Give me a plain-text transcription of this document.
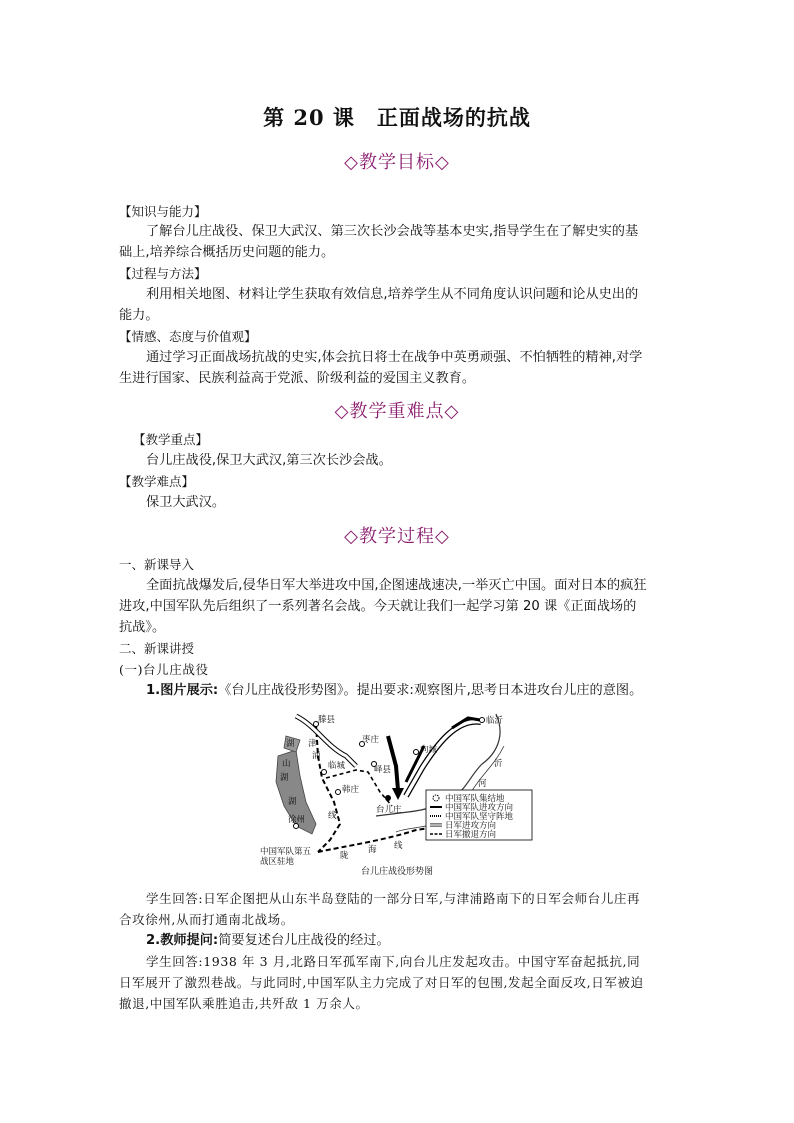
第 20 课　正面战场的抗战
◇教学目标◇
【知识与能力】
了解台儿庄战役、保卫大武汉、第三次长沙会战等基本史实,指导学生在了解史实的基
础上,培养综合概括历史问题的能力。
【过程与方法】
利用相关地图、材料让学生获取有效信息,培养学生从不同角度认识问题和论从史出的
能力。
【情感、态度与价值观】
通过学习正面战场抗战的史实,体会抗日将士在战争中英勇顽强、不怕牺牲的精神,对学
生进行国家、民族利益高于党派、阶级利益的爱国主义教育。
◇教学重难点◇
【教学重点】
台儿庄战役,保卫大武汉,第三次长沙会战。
【教学难点】
保卫大武汉。
◇教学过程◇
一、新课导入
全面抗战爆发后,侵华日军大举进攻中国,企图速战速决,一举灭亡中国。面对日本的疯狂
进攻,中国军队先后组织了一系列著名会战。今天就让我们一起学习第 20 课《正面战场的
抗战》。
二、新课讲授
(一)台儿庄战役
1.图片展示:《台儿庄战役形势图》。提出要求:观察图片,思考日本进攻台儿庄的意图。
滕县
枣庄
临沂
临城	峄县
向城
韩庄
台儿庄
徐州
湖
湖
湖
山	沂
河
津
浦
线
陇
海 线
中国军队第五
战区驻地
中国军队集结地
中国军队进攻方向
中国军队坚守阵地
日军进攻方向
日军撤退方向
台儿庄战役形势图
学生回答:日军企图把从山东半岛登陆的一部分日军,与津浦路南下的日军会师台儿庄再
合攻徐州,从而打通南北战场。
2.教师提问:简要复述台儿庄战役的经过。
学生回答:1938 年 3 月,北路日军孤军南下,向台儿庄发起攻击。中国守军奋起抵抗,同
日军展开了激烈巷战。与此同时,中国军队主力完成了对日军的包围,发起全面反攻,日军被迫
撤退,中国军队乘胜追击,共歼敌 1 万余人。
